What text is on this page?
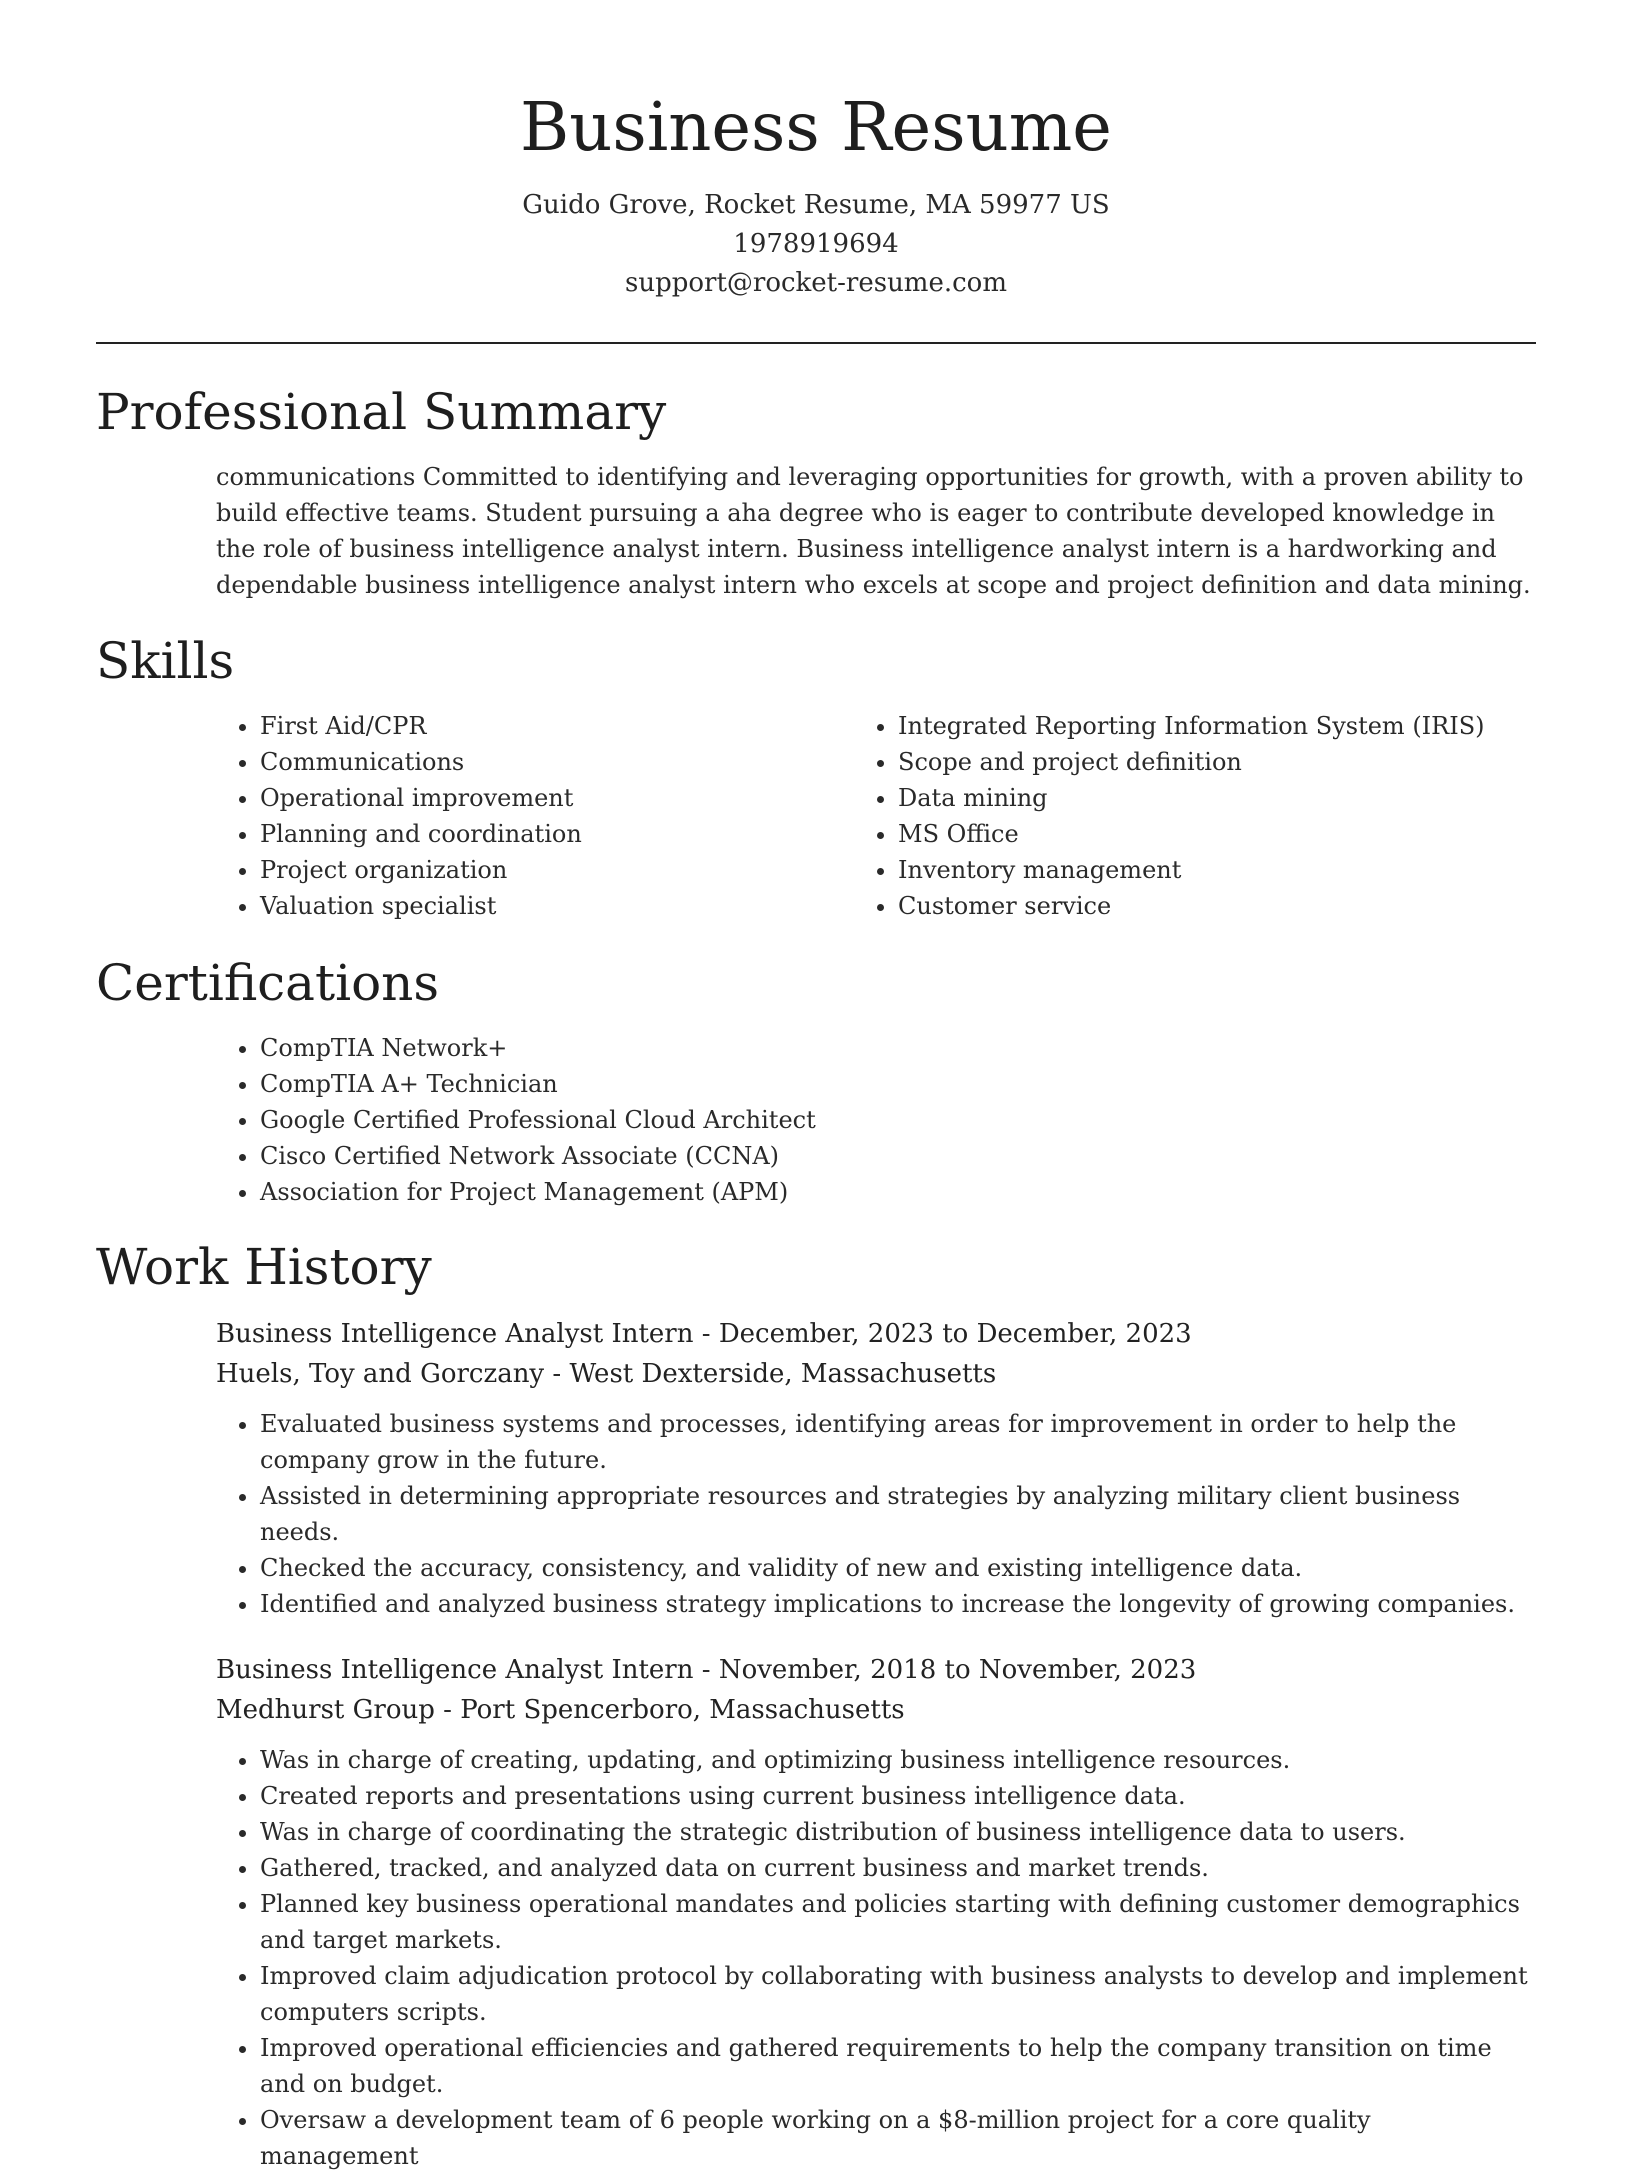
Business Resume
Guido Grove, Rocket Resume, MA 59977 US
1978919694
support@rocket-resume.com
Professional Summary

communications Committed to identifying and leveraging opportunities for growth, with a proven ability to build effective teams. Student pursuing a aha degree who is eager to contribute developed knowledge in the role of business intelligence analyst intern. Business intelligence analyst intern is a hardworking and dependable business intelligence analyst intern who excels at scope and project definition and data mining.

Skills
• First Aid/CPR
• Communications
• Operational improvement
• Planning and coordination
• Project organization
• Valuation specialist
• Integrated Reporting Information System (IRIS)
• Scope and project definition
• Data mining
• MS Office
• Inventory management
• Customer service
Certifications
• CompTIA Network+
• CompTIA A+ Technician
• Google Certified Professional Cloud Architect
• Cisco Certified Network Associate (CCNA)
• Association for Project Management (APM)
Work History
Business Intelligence Analyst Intern - December, 2023 to December, 2023
Huels, Toy and Gorczany - West Dexterside, Massachusetts
• Evaluated business systems and processes, identifying areas for improvement in order to help the company grow in the future.
• Assisted in determining appropriate resources and strategies by analyzing military client business needs.
• Checked the accuracy, consistency, and validity of new and existing intelligence data.
• Identified and analyzed business strategy implications to increase the longevity of growing companies.
Business Intelligence Analyst Intern - November, 2018 to November, 2023
Medhurst Group - Port Spencerboro, Massachusetts
• Was in charge of creating, updating, and optimizing business intelligence resources.
• Created reports and presentations using current business intelligence data.
• Was in charge of coordinating the strategic distribution of business intelligence data to users.
• Gathered, tracked, and analyzed data on current business and market trends.
• Planned key business operational mandates and policies starting with defining customer demographics and target markets.
• Improved claim adjudication protocol by collaborating with business analysts to develop and implement computers scripts.
• Improved operational efficiencies and gathered requirements to help the company transition on time and on budget.
• Oversaw a development team of 6 people working on a $8-million project for a core quality management
